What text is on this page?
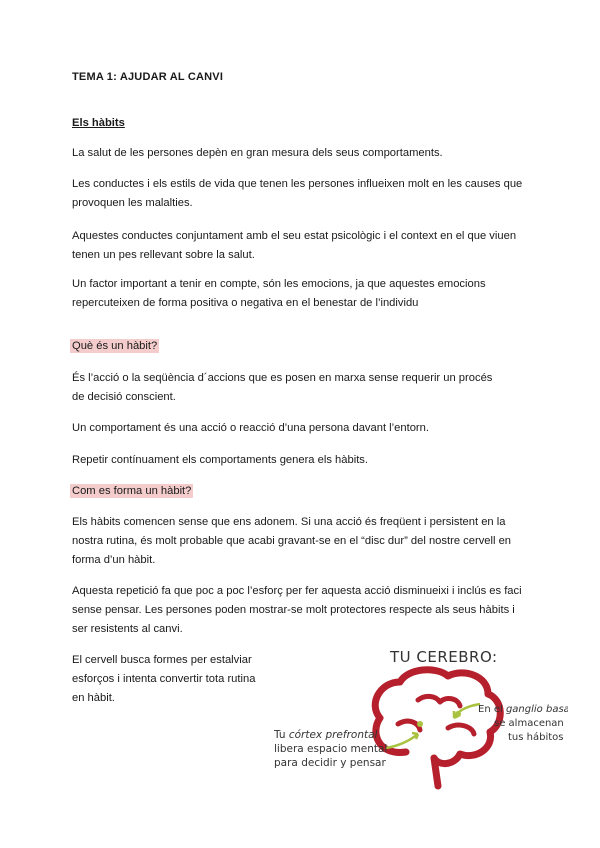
TEMA 1: AJUDAR AL CANVI
Els hàbits
La salut de les persones depèn en gran mesura dels seus comportaments.
Les conductes i els estils de vida que tenen les persones influeixen molt en les causes que
provoquen les malalties.
Aquestes conductes conjuntament amb el seu estat psicològic i el context en el que viuen
tenen un pes rellevant sobre la salut.
Un factor important a tenir en compte, són les emocions, ja que aquestes emocions
repercuteixen de forma positiva o negativa en el benestar de l’individu
Què és un hàbit?
És l’acció o la seqüència d´accions que es posen en marxa sense requerir un procés
de decisió conscient.
Un comportament és una acció o reacció d’una persona davant l’entorn.
Repetir contínuament els comportaments genera els hàbits.
Com es forma un hàbit?
Els hàbits comencen sense que ens adonem. Si una acció és freqüent i persistent en la
nostra rutina, és molt probable que acabi gravant-se en el “disc dur” del nostre cervell en
forma d’un hàbit.
Aquesta repetició fa que poc a poc l’esforç per fer aquesta acció disminueixi i inclús es faci
sense pensar. Les persones poden mostrar-se molt protectores respecte als seus hàbits i
ser resistents al canvi.
El cervell busca formes per estalviar
esforços i intenta convertir tota rutina
en hàbit.
TU CEREBRO:
Tu córtex prefrontal
libera espacio mental
para decidir y pensar
En el ganglio basal
se almacenan
tus hábitos
